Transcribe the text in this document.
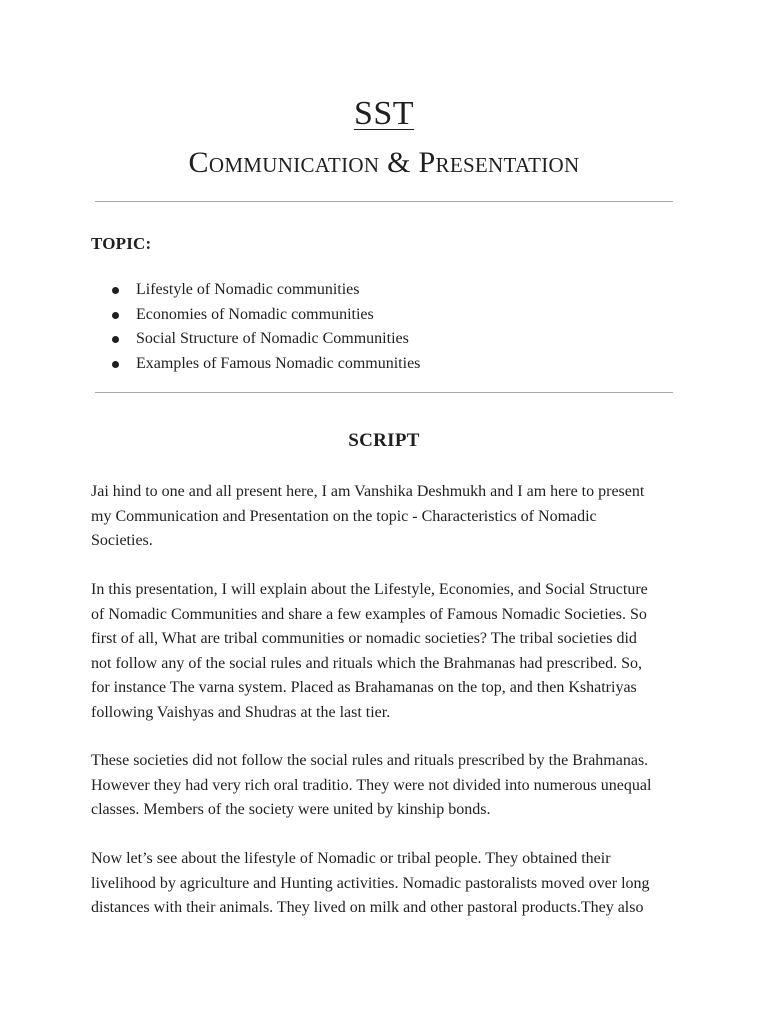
SST
Communication & Presentation
TOPIC:
Lifestyle of Nomadic communities
Economies of Nomadic communities
Social Structure of Nomadic Communities
Examples of Famous Nomadic communities
SCRIPT

Jai hind to one and all present here, I am Vanshika Deshmukh and I am here to present
my Communication and Presentation on the topic - Characteristics of Nomadic
Societies.

In this presentation, I will explain about the Lifestyle, Economies, and Social Structure
of Nomadic Communities and share a few examples of Famous Nomadic Societies. So
first of all, What are tribal communities or nomadic societies? The tribal societies did
not follow any of the social rules and rituals which the Brahmanas had prescribed. So,
for instance The varna system. Placed as Brahamanas on the top, and then Kshatriyas
following Vaishyas and Shudras at the last tier.

These societies did not follow the social rules and rituals prescribed by the Brahmanas.
However they had very rich oral traditio. They were not divided into numerous unequal
classes. Members of the society were united by kinship bonds.

Now let’s see about the lifestyle of Nomadic or tribal people. They obtained their
livelihood by agriculture and Hunting activities. Nomadic pastoralists moved over long
distances with their animals. They lived on milk and other pastoral products.They also
